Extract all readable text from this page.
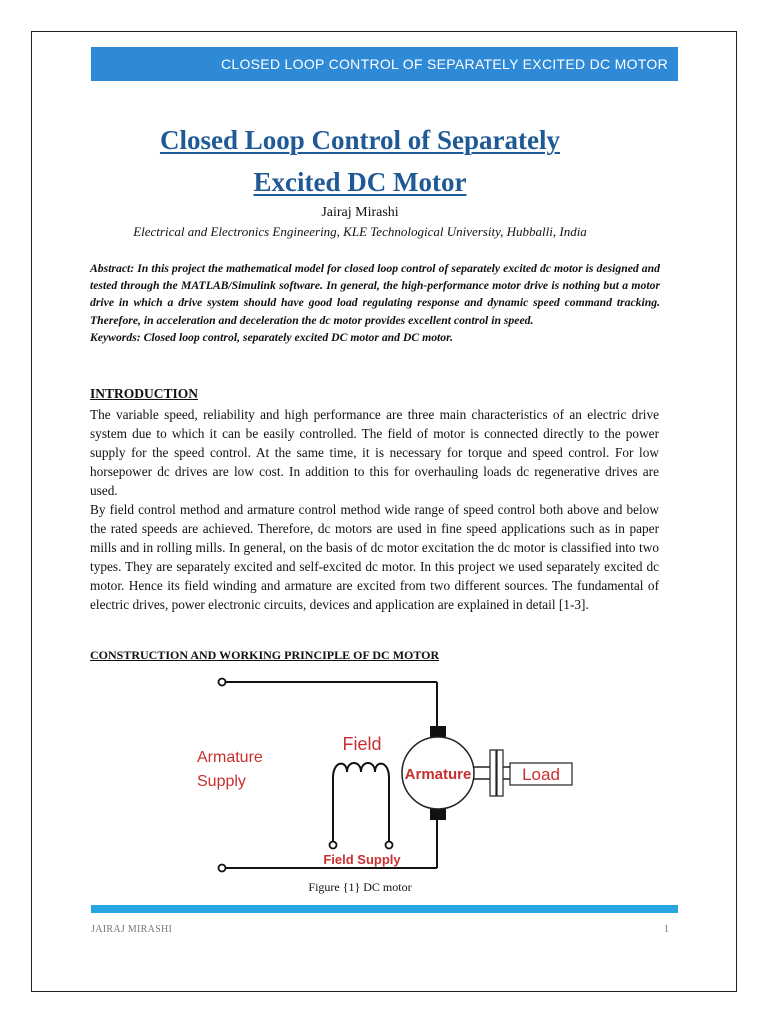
CLOSED LOOP CONTROL OF SEPARATELY EXCITED DC MOTOR
Closed Loop Control of Separately
Excited DC Motor
Jairaj Mirashi
Electrical and Electronics Engineering, KLE Technological University, Hubballi, India

Abstract: In this project the mathematical model for closed loop control of separately excited dc motor is designed and tested through the MATLAB/Simulink software. In general, the high-performance motor drive is nothing but a motor drive in which a drive system should have good load regulating response and dynamic speed command tracking. Therefore, in acceleration and deceleration the dc motor provides excellent control in speed.

Keywords: Closed loop control, separately excited DC motor and DC motor.

INTRODUCTION

The variable speed, reliability and high performance are three main characteristics of an electric drive system due to which it can be easily controlled. The field of motor is connected directly to the power supply for the speed control. At the same time, it is necessary for torque and speed control. For low horsepower dc drives are low cost. In addition to this for overhauling loads dc regenerative drives are used.

By field control method and armature control method wide range of speed control both above and below the rated speeds are achieved. Therefore, dc motors are used in fine speed applications such as in paper mills and in rolling mills. In general, on the basis of dc motor excitation the dc motor is classified into two types. They are separately excited and self-excited dc motor. In this project we used separately excited dc motor. Hence its field winding and armature are excited from two different sources. The fundamental of electric drives, power electronic circuits, devices and application are explained in detail [1-3].

CONSTRUCTION AND WORKING PRINCIPLE OF DC MOTOR
Armature	Load
Field
Field Supply
Armature
Supply
Figure {1} DC motor
JAIRAJ MIRASHI	1
